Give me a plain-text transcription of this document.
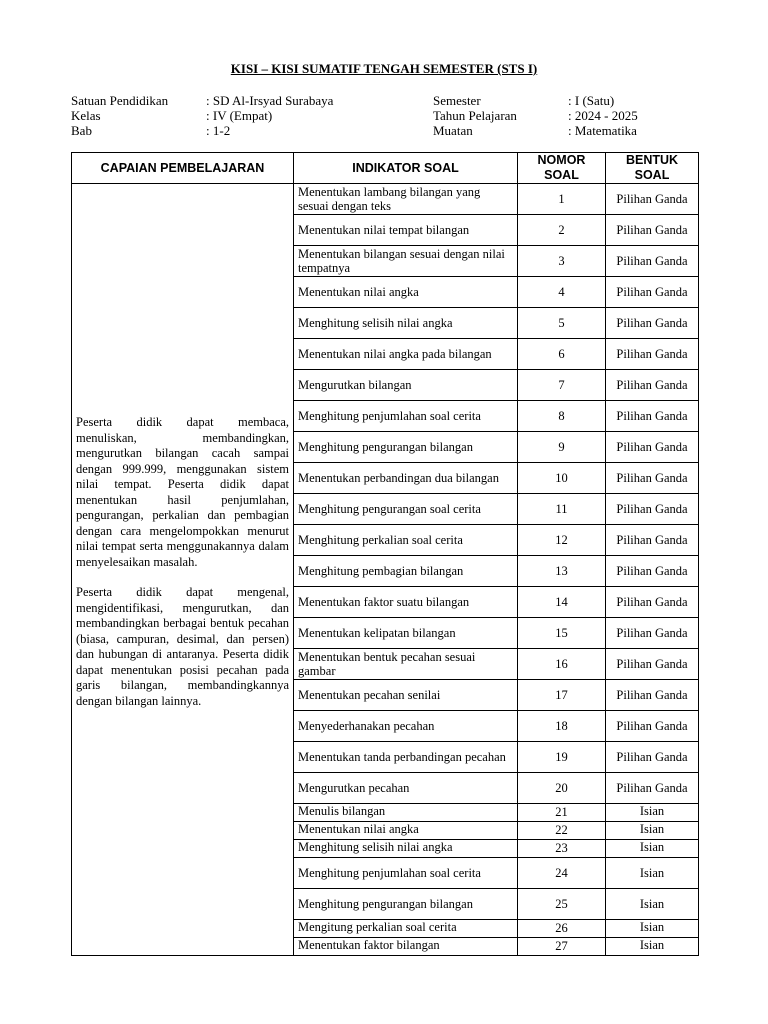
KISI – KISI SUMATIF TENGAH SEMESTER (STS I)
Satuan Pendidikan	: SD Al-Irsyad Surabaya	Semester	: I (Satu)
Kelas	: IV (Empat)	Tahun Pelajaran	: 2024 - 2025
Bab	: 1-2	Muatan	: Matematika
CAPAIAN PEMBELAJARAN	INDIKATOR SOAL	NOMOR SOAL	BENTUK SOAL

Peserta didik dapat membaca, menuliskan, membandingkan, mengurutkan bilangan cacah sampai dengan 999.999, menggunakan sistem nilai tempat. Peserta didik dapat menentukan hasil penjumlahan, pengurangan, perkalian dan pembagian dengan cara mengelompokkan menurut nilai tempat serta menggunakannya dalam menyelesaikan masalah.

Peserta didik dapat mengenal, mengidentifikasi, mengurutkan, dan membandingkan berbagai bentuk pecahan (biasa, campuran, desimal, dan persen) dan hubungan di antaranya. Peserta didik dapat menentukan posisi pecahan pada garis bilangan, membandingkannya dengan bilangan lainnya.	Menentukan lambang bilangan yang sesuai dengan teks	1	Pilihan Ganda
	Menentukan nilai tempat bilangan	2	Pilihan Ganda
	Menentukan bilangan sesuai dengan nilai tempatnya	3	Pilihan Ganda
	Menentukan nilai angka	4	Pilihan Ganda
	Menghitung selisih nilai angka	5	Pilihan Ganda
	Menentukan nilai angka pada bilangan	6	Pilihan Ganda
	Mengurutkan bilangan	7	Pilihan Ganda
	Menghitung penjumlahan soal cerita	8	Pilihan Ganda
	Menghitung pengurangan bilangan	9	Pilihan Ganda
	Menentukan perbandingan dua bilangan	10	Pilihan Ganda
	Menghitung pengurangan soal cerita	11	Pilihan Ganda
	Menghitung perkalian soal cerita	12	Pilihan Ganda
	Menghitung pembagian bilangan	13	Pilihan Ganda
	Menentukan faktor suatu bilangan	14	Pilihan Ganda
	Menentukan kelipatan bilangan	15	Pilihan Ganda
	Menentukan bentuk pecahan sesuai gambar	16	Pilihan Ganda
	Menentukan pecahan senilai	17	Pilihan Ganda
	Menyederhanakan pecahan	18	Pilihan Ganda
	Menentukan tanda perbandingan pecahan	19	Pilihan Ganda
	Mengurutkan pecahan	20	Pilihan Ganda
	Menulis bilangan	21	Isian
	Menentukan nilai angka	22	Isian
	Menghitung selisih nilai angka	23	Isian
	Menghitung penjumlahan soal cerita	24	Isian
	Menghitung pengurangan bilangan	25	Isian
	Mengitung perkalian soal cerita	26	Isian
	Menentukan faktor bilangan	27	Isian
